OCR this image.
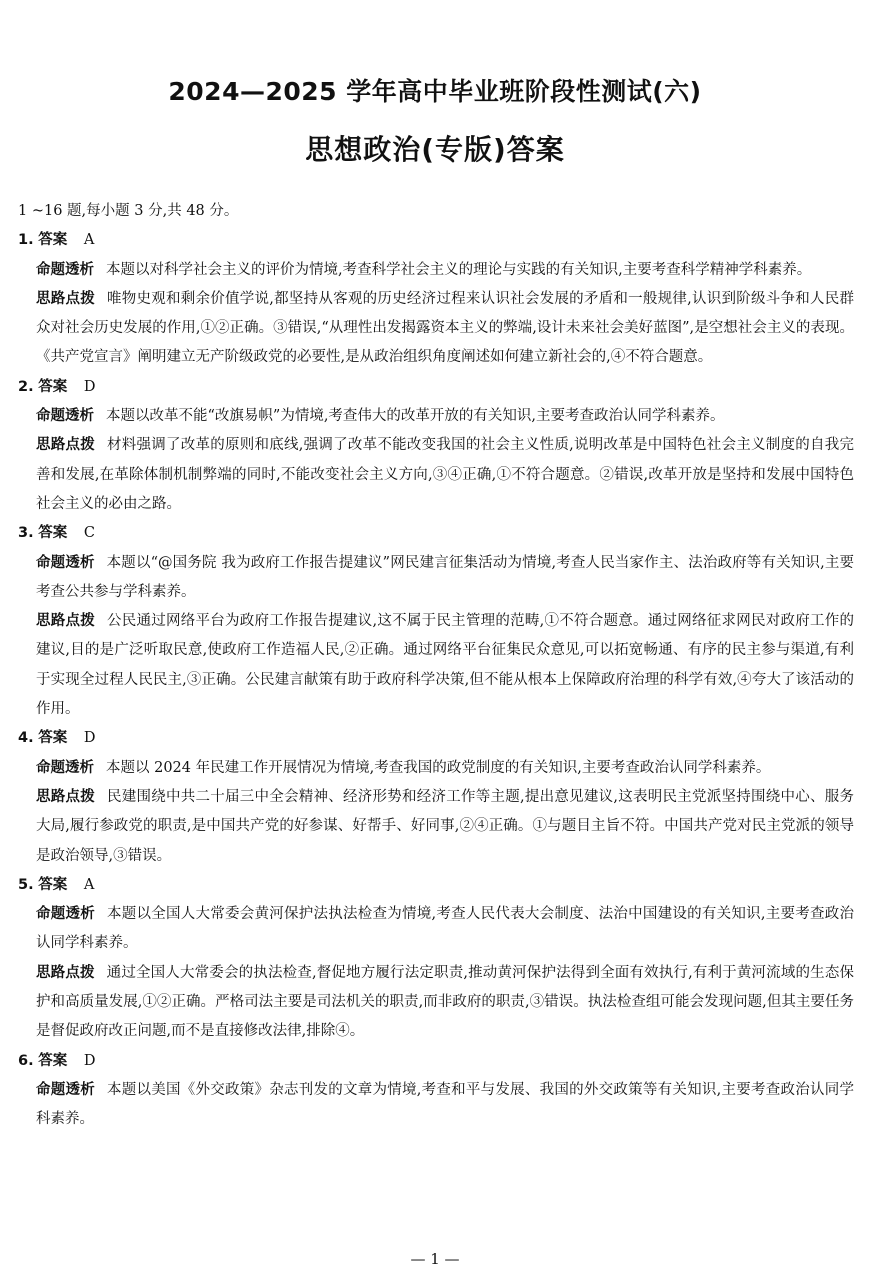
2024—2025 学年高中毕业班阶段性测试(六)
思想政治(专版)答案
1 ~16 题,每小题 3 分,共 48 分。
1. 答案 A
命题透析 本题以对科学社会主义的评价为情境,考查科学社会主义的理论与实践的有关知识,主要考查科学精神学科素养。
思路点拨 唯物史观和剩余价值学说,都坚持从客观的历史经济过程来认识社会发展的矛盾和一般规律,认识到阶级斗争和人民群众对社会历史发展的作用,①②正确。③错误,“从理性出发揭露资本主义的弊端,设计未来社会美好蓝图”,是空想社会主义的表现。《共产党宣言》阐明建立无产阶级政党的必要性,是从政治组织角度阐述如何建立新社会的,④不符合题意。
2. 答案 D
命题透析 本题以改革不能“改旗易帜”为情境,考查伟大的改革开放的有关知识,主要考查政治认同学科素养。
思路点拨 材料强调了改革的原则和底线,强调了改革不能改变我国的社会主义性质,说明改革是中国特色社会主义制度的自我完善和发展,在革除体制机制弊端的同时,不能改变社会主义方向,③④正确,①不符合题意。②错误,改革开放是坚持和发展中国特色社会主义的必由之路。
3. 答案 C
命题透析 本题以“@国务院 我为政府工作报告提建议”网民建言征集活动为情境,考查人民当家作主、法治政府等有关知识,主要考查公共参与学科素养。
思路点拨 公民通过网络平台为政府工作报告提建议,这不属于民主管理的范畴,①不符合题意。通过网络征求网民对政府工作的建议,目的是广泛听取民意,使政府工作造福人民,②正确。通过网络平台征集民众意见,可以拓宽畅通、有序的民主参与渠道,有利于实现全过程人民民主,③正确。公民建言献策有助于政府科学决策,但不能从根本上保障政府治理的科学有效,④夸大了该活动的作用。
4. 答案 D
命题透析 本题以 2024 年民建工作开展情况为情境,考查我国的政党制度的有关知识,主要考查政治认同学科素养。
思路点拨 民建围绕中共二十届三中全会精神、经济形势和经济工作等主题,提出意见建议,这表明民主党派坚持围绕中心、服务大局,履行参政党的职责,是中国共产党的好参谋、好帮手、好同事,②④正确。①与题目主旨不符。中国共产党对民主党派的领导是政治领导,③错误。
5. 答案 A
命题透析 本题以全国人大常委会黄河保护法执法检查为情境,考查人民代表大会制度、法治中国建设的有关知识,主要考查政治认同学科素养。
思路点拨 通过全国人大常委会的执法检查,督促地方履行法定职责,推动黄河保护法得到全面有效执行,有利于黄河流域的生态保护和高质量发展,①②正确。严格司法主要是司法机关的职责,而非政府的职责,③错误。执法检查组可能会发现问题,但其主要任务是督促政府改正问题,而不是直接修改法律,排除④。
6. 答案 D
命题透析 本题以美国《外交政策》杂志刊发的文章为情境,考查和平与发展、我国的外交政策等有关知识,主要考查政治认同学科素养。
— 1 —
